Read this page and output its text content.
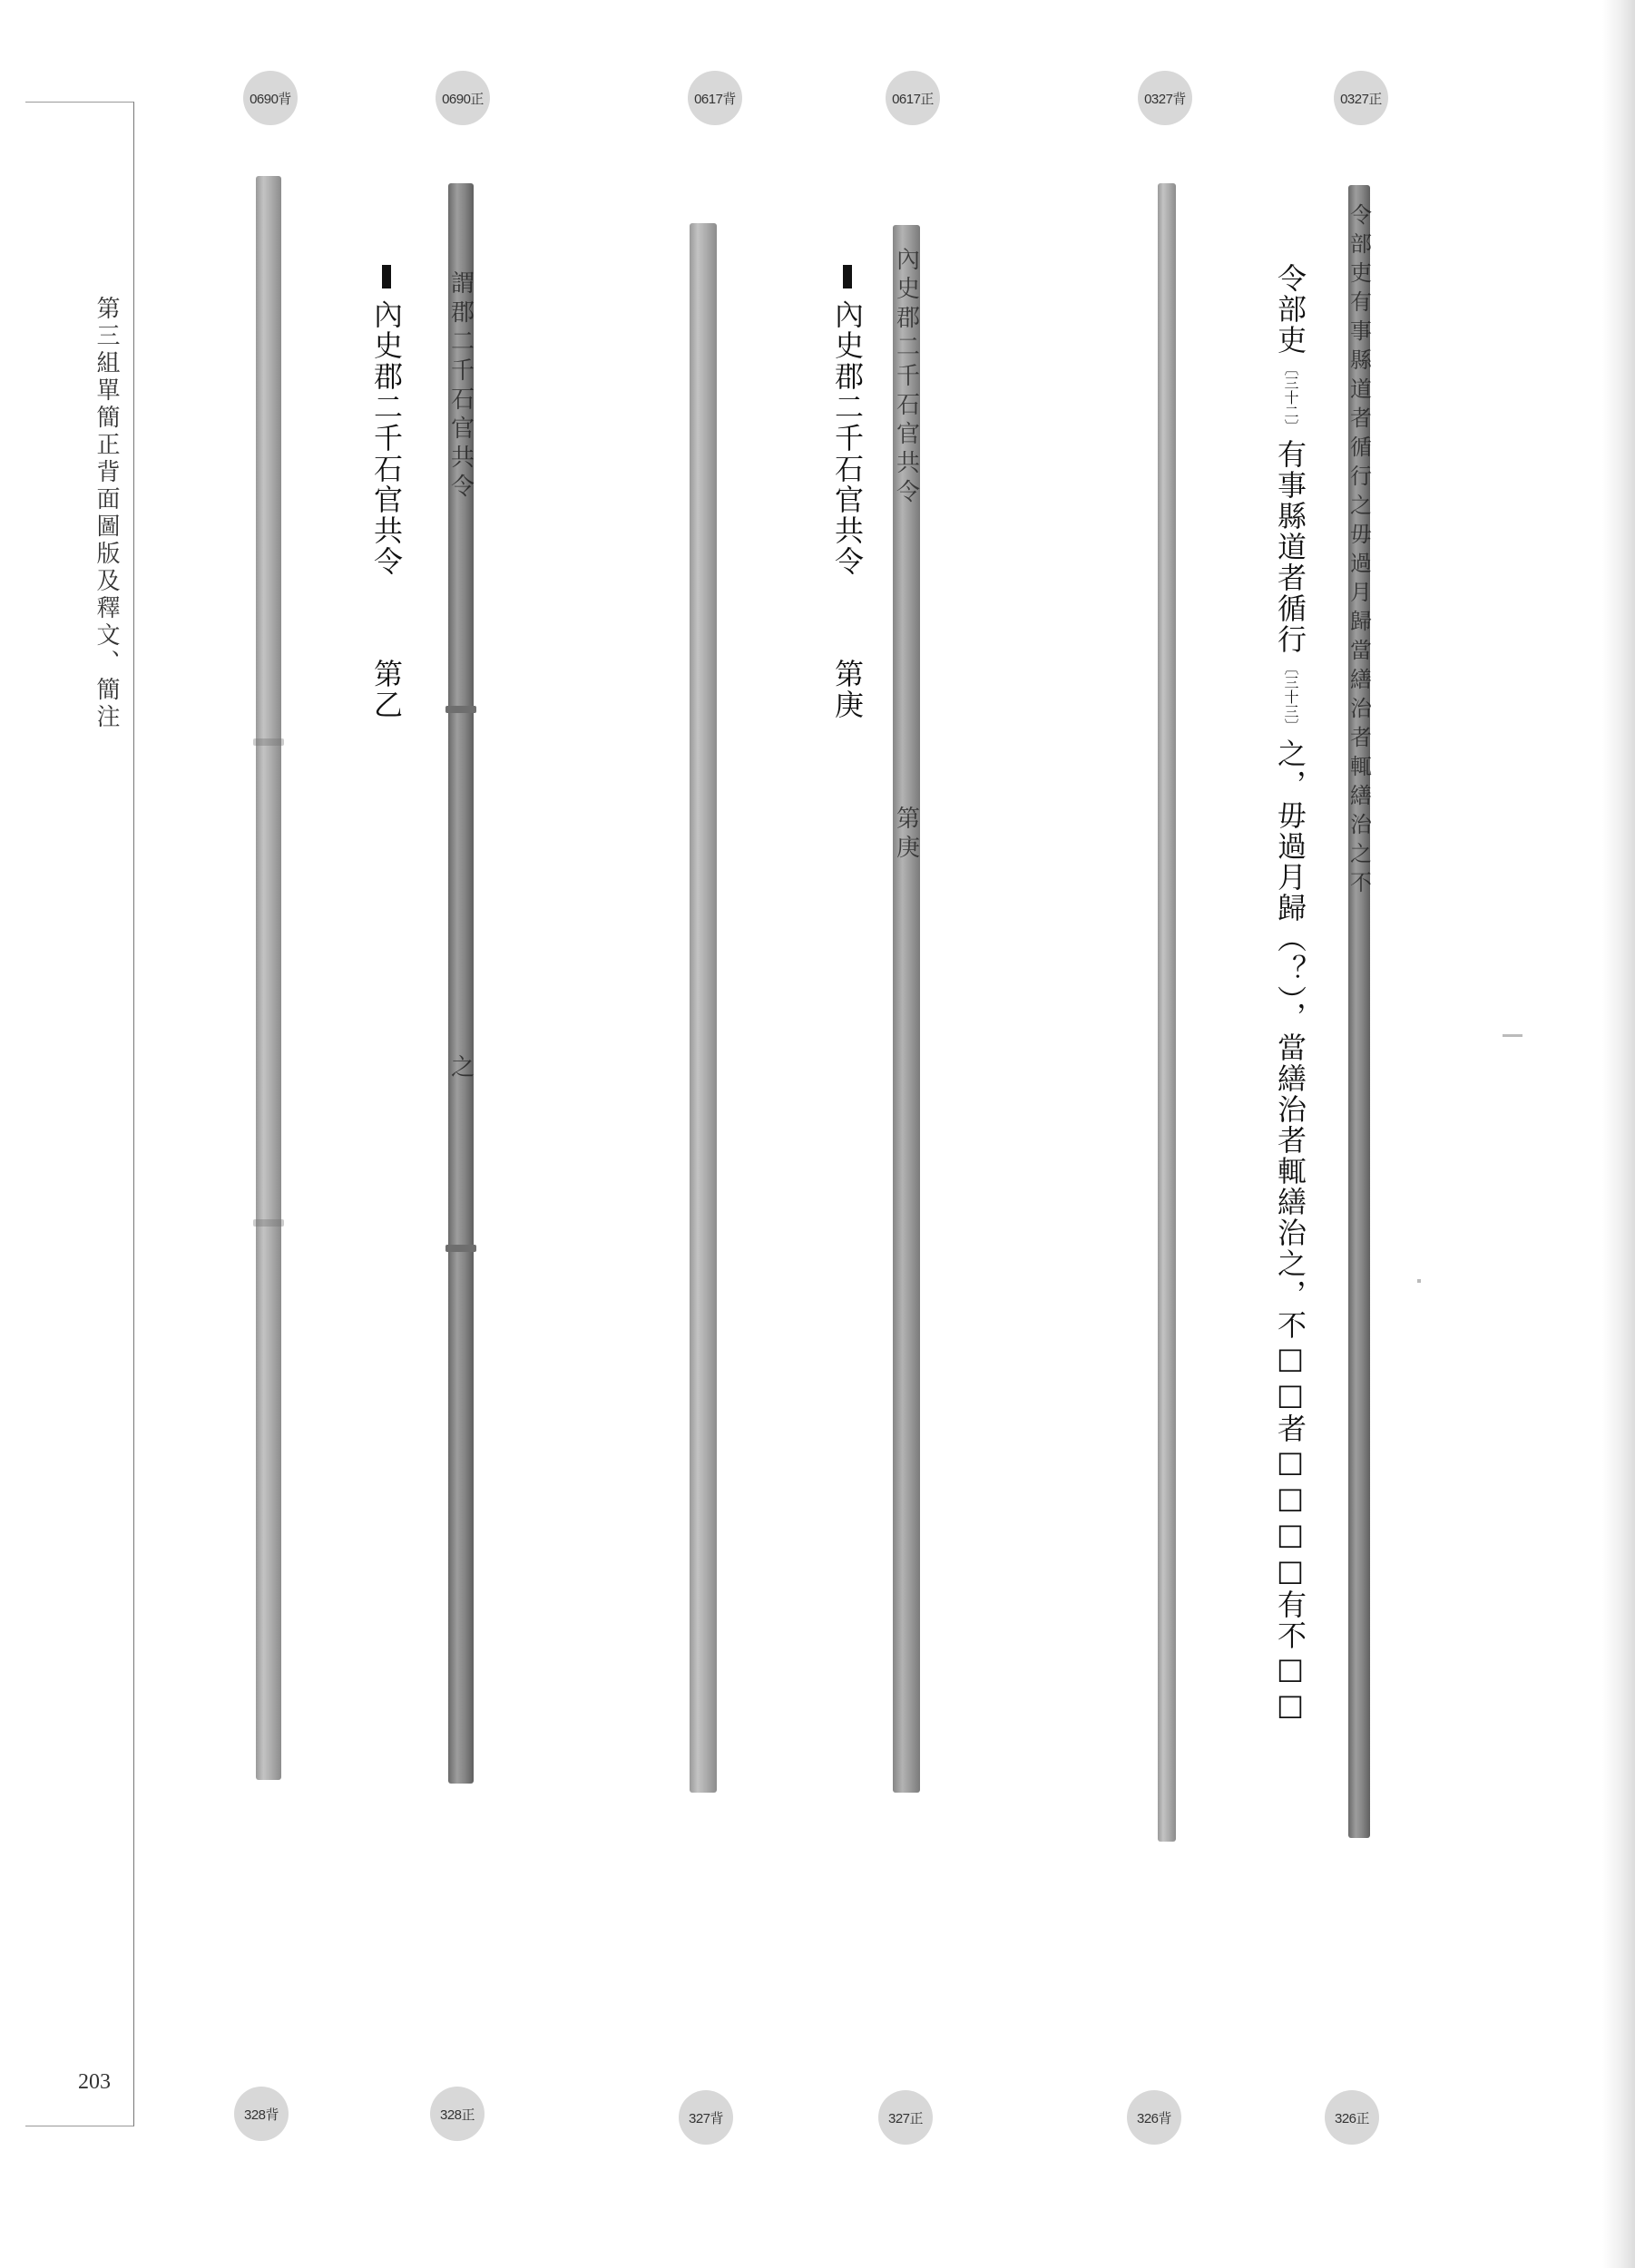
第三組單簡正背面圖版及釋文、簡注
203
0690背	0690正	0617背	0617正	0327背	0327正
謂郡二千石官共令
之
內史郡二千石官共令
第庚	令部吏有事縣道者循行之毋過月歸當繕治者輒繕治之不
內史郡二千石官共令第乙
內史郡二千石官共令第庚
令部吏〔三十二〕有事縣道者循行〔三十三〕之，毋過月歸（？），當繕治者輒繕治之，不□□者□□□□有不□□
328背	328正	327背	327正	326背	326正
